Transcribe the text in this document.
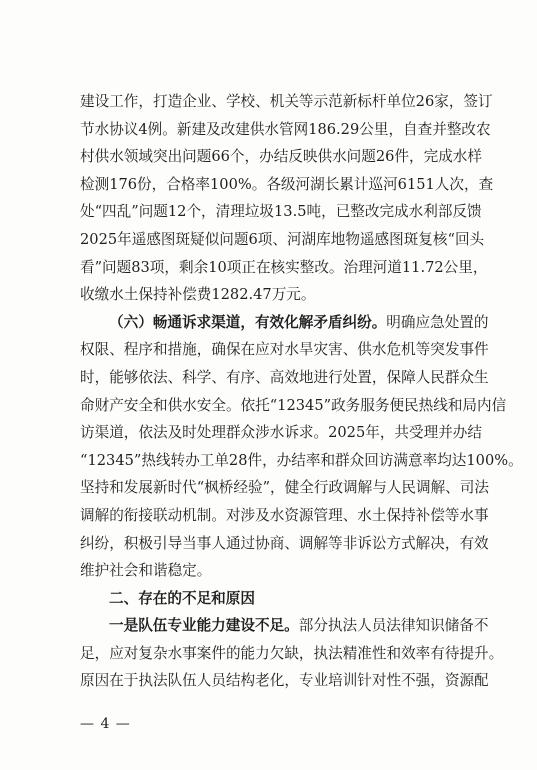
建设工作，打造企业、学校、机关等示范新标杆单位26家，签订
节水协议4例。新建及改建供水管网186.29公里，自查并整改农
村供水领域突出问题66个，办结反映供水问题26件，完成水样
检测176份，合格率100%。各级河湖长累计巡河6151人次，查
处“四乱”问题12个，清理垃圾13.5吨，已整改完成水利部反馈
2025年遥感图斑疑似问题6项、河湖库地物遥感图斑复核“回头
看”问题83项，剩余10项正在核实整改。治理河道11.72公里，
收缴水土保持补偿费1282.47万元。
（六）畅通诉求渠道，有效化解矛盾纠纷。明确应急处置的
权限、程序和措施，确保在应对水旱灾害、供水危机等突发事件
时，能够依法、科学、有序、高效地进行处置，保障人民群众生
命财产安全和供水安全。依托“12345”政务服务便民热线和局内信
访渠道，依法及时处理群众涉水诉求。2025年，共受理并办结
“12345”热线转办工单28件，办结率和群众回访满意率均达100%。
坚持和发展新时代“枫桥经验”，健全行政调解与人民调解、司法
调解的衔接联动机制。对涉及水资源管理、水土保持补偿等水事
纠纷，积极引导当事人通过协商、调解等非诉讼方式解决，有效
维护社会和谐稳定。
二、存在的不足和原因
一是队伍专业能力建设不足。部分执法人员法律知识储备不
足，应对复杂水事案件的能力欠缺，执法精准性和效率有待提升。
原因在于执法队伍人员结构老化，专业培训针对性不强，资源配
— 4 —
